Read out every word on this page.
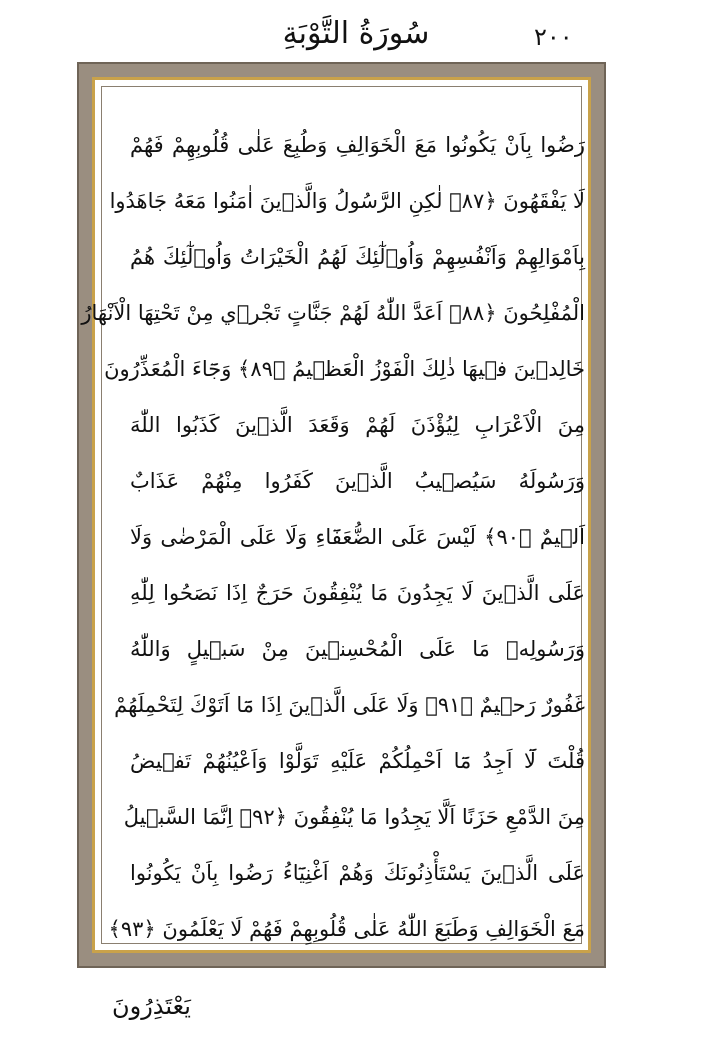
٢٠٠
سُورَةُ التَّوْبَةِ
رَضُوا بِاَنْ يَكُونُوا مَعَ الْخَوَالِفِ وَطُبِعَ عَلٰى قُلُوبِهِمْ فَهُمْ
لَا يَفْقَهُونَ ﴿٨٧﴾ لٰكِنِ الرَّسُولُ وَالَّذ۪ينَ اٰمَنُوا مَعَهُ جَاهَدُوا
بِاَمْوَالِهِمْ وَاَنْفُسِهِمْ وَاُو۬لٰٓئِكَ لَهُمُ الْخَيْرَاتُ وَاُو۬لٰٓئِكَ هُمُ
الْمُفْلِحُونَ ﴿٨٨﴾ اَعَدَّ اللّٰهُ لَهُمْ جَنَّاتٍ تَجْر۪ي مِنْ تَحْتِهَا الْاَنْهَارُ
خَالِد۪ينَ ف۪يهَا ذٰلِكَ الْفَوْزُ الْعَظ۪يمُ ﴿٨٩﴾ وَجَٓاءَ الْمُعَذِّرُونَ
مِنَ الْاَعْرَابِ لِيُؤْذَنَ لَهُمْ وَقَعَدَ الَّذ۪ينَ كَذَبُوا اللّٰهَ
وَرَسُولَهُ سَيُص۪يبُ الَّذ۪ينَ كَفَرُوا مِنْهُمْ عَذَابٌ
اَل۪يمٌ ﴿٩٠﴾ لَيْسَ عَلَى الضُّعَفَٓاءِ وَلَا عَلَى الْمَرْضٰى وَلَا
عَلَى الَّذ۪ينَ لَا يَجِدُونَ مَا يُنْفِقُونَ حَرَجٌ اِذَا نَصَحُوا لِلّٰهِ
وَرَسُولِه۪ مَا عَلَى الْمُحْسِن۪ينَ مِنْ سَب۪يلٍ وَاللّٰهُ
غَفُورٌ رَح۪يمٌ ﴿٩١﴾ وَلَا عَلَى الَّذ۪ينَ اِذَا مَٓا اَتَوْكَ لِتَحْمِلَهُمْ
قُلْتَ لَٓا اَجِدُ مَٓا اَحْمِلُكُمْ عَلَيْهِ تَوَلَّوْا وَاَعْيُنُهُمْ تَف۪يضُ
مِنَ الدَّمْعِ حَزَنًا اَلَّا يَجِدُوا مَا يُنْفِقُونَ ﴿٩٢﴾ اِنَّمَا السَّب۪يلُ
عَلَى الَّذ۪ينَ يَسْتَأْذِنُونَكَ وَهُمْ اَغْنِيَٓاءُ رَضُوا بِاَنْ يَكُونُوا
مَعَ الْخَوَالِفِ وَطَبَعَ اللّٰهُ عَلٰى قُلُوبِهِمْ فَهُمْ لَا يَعْلَمُونَ ﴿٩٣﴾
يَعْتَذِرُونَ
